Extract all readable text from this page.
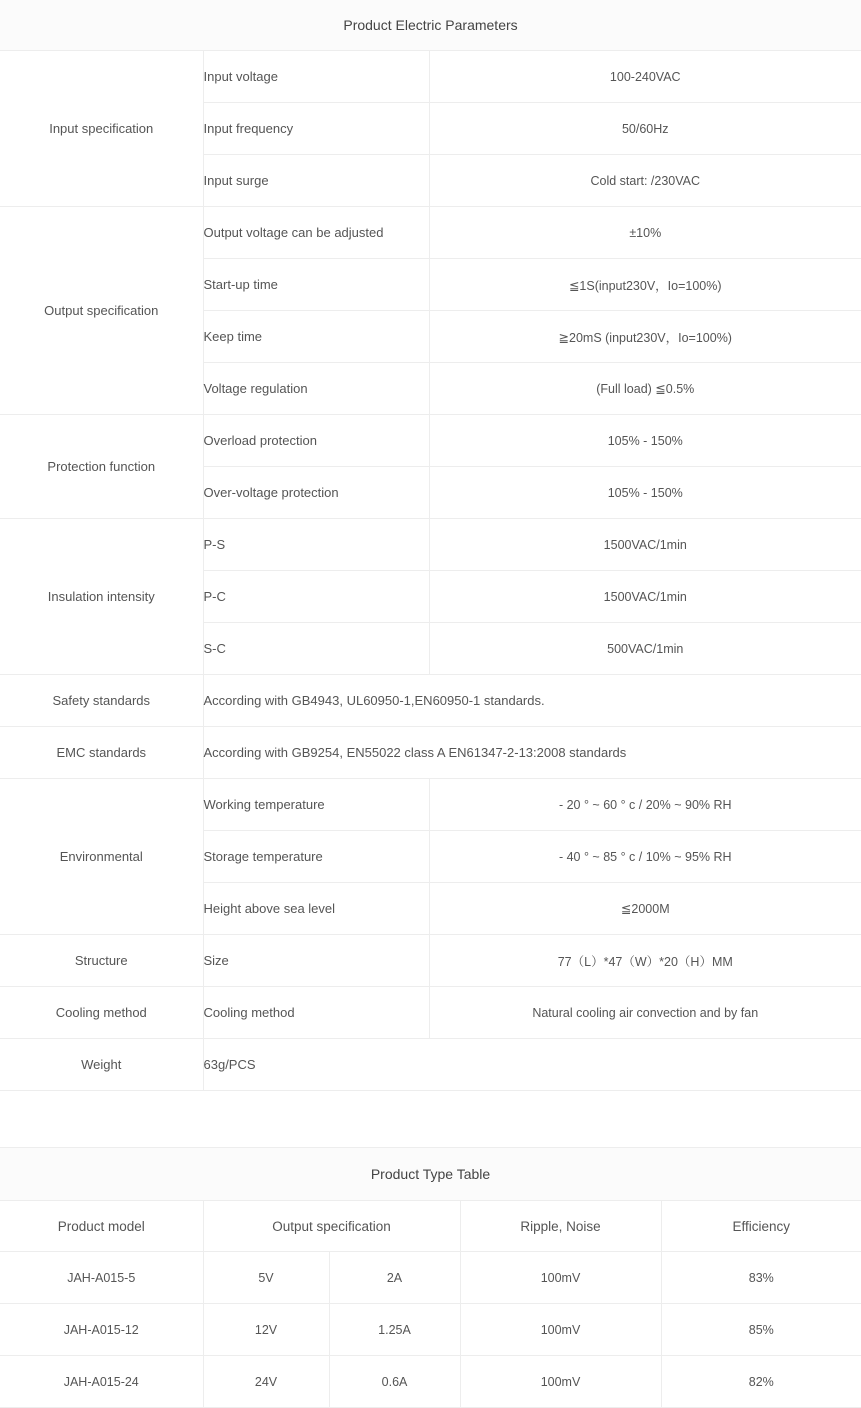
Product Electric Parameters		
Input specification	Input voltage	100-240VAC
	Input frequency	50/60Hz
	Input surge	Cold start: /230VAC
Output specification	Output voltage can be adjusted	±10%
	Start-up time	≦1S(input230V，Io=100%)
	Keep time	≧20mS (input230V，Io=100%)
	Voltage regulation	(Full load) ≦0.5%
Protection function	Overload protection	105% - 150%
	Over-voltage protection	105% - 150%
Insulation intensity	P-S	1500VAC/1min
	P-C	1500VAC/1min
	S-C	500VAC/1min
Safety standards	According with GB4943, UL60950-1,EN60950-1 standards.	
EMC standards	According with GB9254, EN55022 class A EN61347-2-13:2008 standards	
Environmental	Working temperature	- 20 ° ~ 60 ° c / 20% ~ 90% RH
	Storage temperature	- 40 ° ~ 85 ° c / 10% ~ 95% RH
	Height above sea level	≦2000M
Structure	Size	77（L）*47（W）*20（H）MM
Cooling method	Cooling method	Natural cooling air convection and by fan
Weight	63g/PCS	
Product Type Table				
Product model	Output specification		Ripple, Noise	Efficiency
JAH-A015-5	5V	2A	100mV	83%
JAH-A015-12	12V	1.25A	100mV	85%
JAH-A015-24	24V	0.6A	100mV	82%
